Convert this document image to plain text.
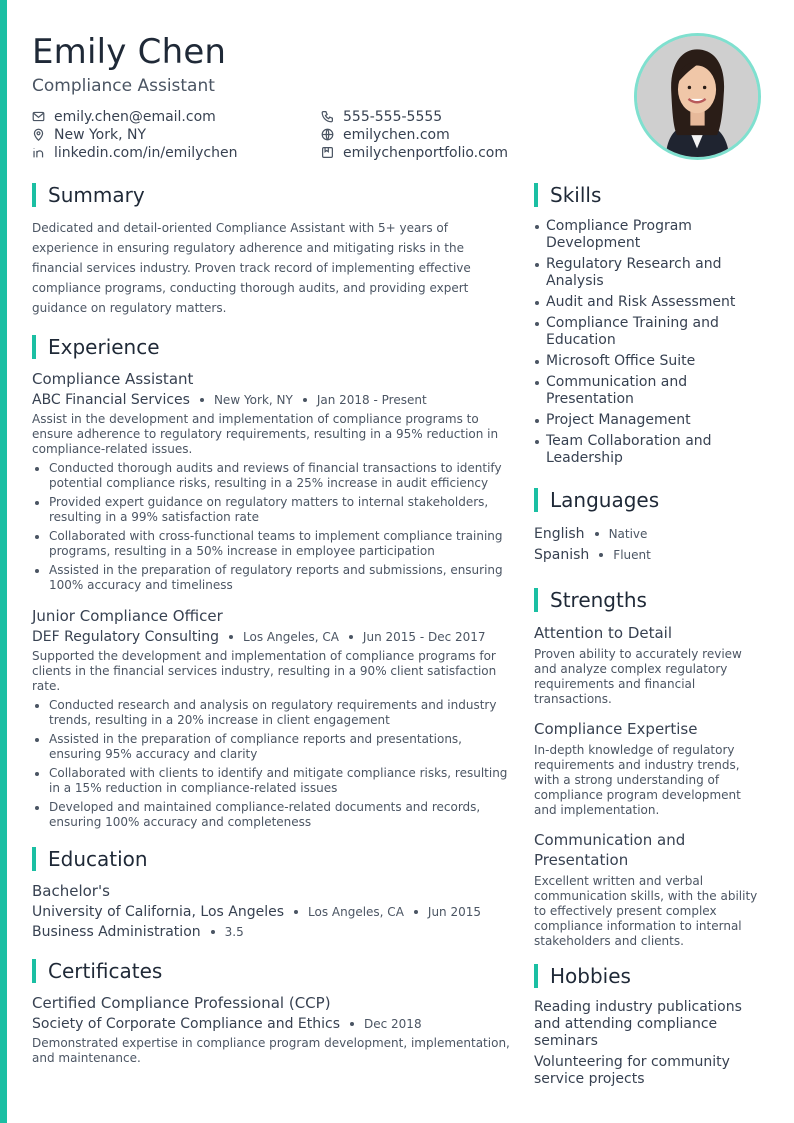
Emily Chen
Compliance Assistant
emily.chen@email.com	555-555-5555
New York, NY	emilychen.com
linkedin.com/in/emilychen	emilychenportfolio.com
Summary

Dedicated and detail-oriented Compliance Assistant with 5+ years of experience in ensuring regulatory adherence and mitigating risks in the financial services industry. Proven track record of implementing effective compliance programs, conducting thorough audits, and providing expert guidance on regulatory matters.

Experience
Compliance Assistant
ABC Financial Services New York, NY Jan 2018 - Present

Assist in the development and implementation of compliance programs to ensure adherence to regulatory requirements, resulting in a 95% reduction in compliance-related issues.

Conducted thorough audits and reviews of financial transactions to identify potential compliance risks, resulting in a 25% increase in audit efficiency
Provided expert guidance on regulatory matters to internal stakeholders, resulting in a 99% satisfaction rate
Collaborated with cross-functional teams to implement compliance training programs, resulting in a 50% increase in employee participation
Assisted in the preparation of regulatory reports and submissions, ensuring 100% accuracy and timeliness
Junior Compliance Officer
DEF Regulatory Consulting Los Angeles, CA Jun 2015 - Dec 2017

Supported the development and implementation of compliance programs for clients in the financial services industry, resulting in a 90% client satisfaction rate.

Conducted research and analysis on regulatory requirements and industry trends, resulting in a 20% increase in client engagement
Assisted in the preparation of compliance reports and presentations, ensuring 95% accuracy and clarity
Collaborated with clients to identify and mitigate compliance risks, resulting in a 15% reduction in compliance-related issues
Developed and maintained compliance-related documents and records, ensuring 100% accuracy and completeness
Education
Bachelor's
University of California, Los Angeles Los Angeles, CA Jun 2015
Business Administration 3.5
Certificates
Certified Compliance Professional (CCP)
Society of Corporate Compliance and Ethics Dec 2018

Demonstrated expertise in compliance program development, implementation, and maintenance.

Skills
Compliance Program Development
Regulatory Research and Analysis
Audit and Risk Assessment
Compliance Training and Education
Microsoft Office Suite
Communication and Presentation
Project Management
Team Collaboration and Leadership
Languages
English Native
Spanish Fluent
Strengths
Attention to Detail

Proven ability to accurately review and analyze complex regulatory requirements and financial transactions.

Compliance Expertise

In-depth knowledge of regulatory requirements and industry trends, with a strong understanding of compliance program development and implementation.

Communication and Presentation

Excellent written and verbal communication skills, with the ability to effectively present complex compliance information to internal stakeholders and clients.

Hobbies
Reading industry publications and attending compliance seminars
Volunteering for community service projects
